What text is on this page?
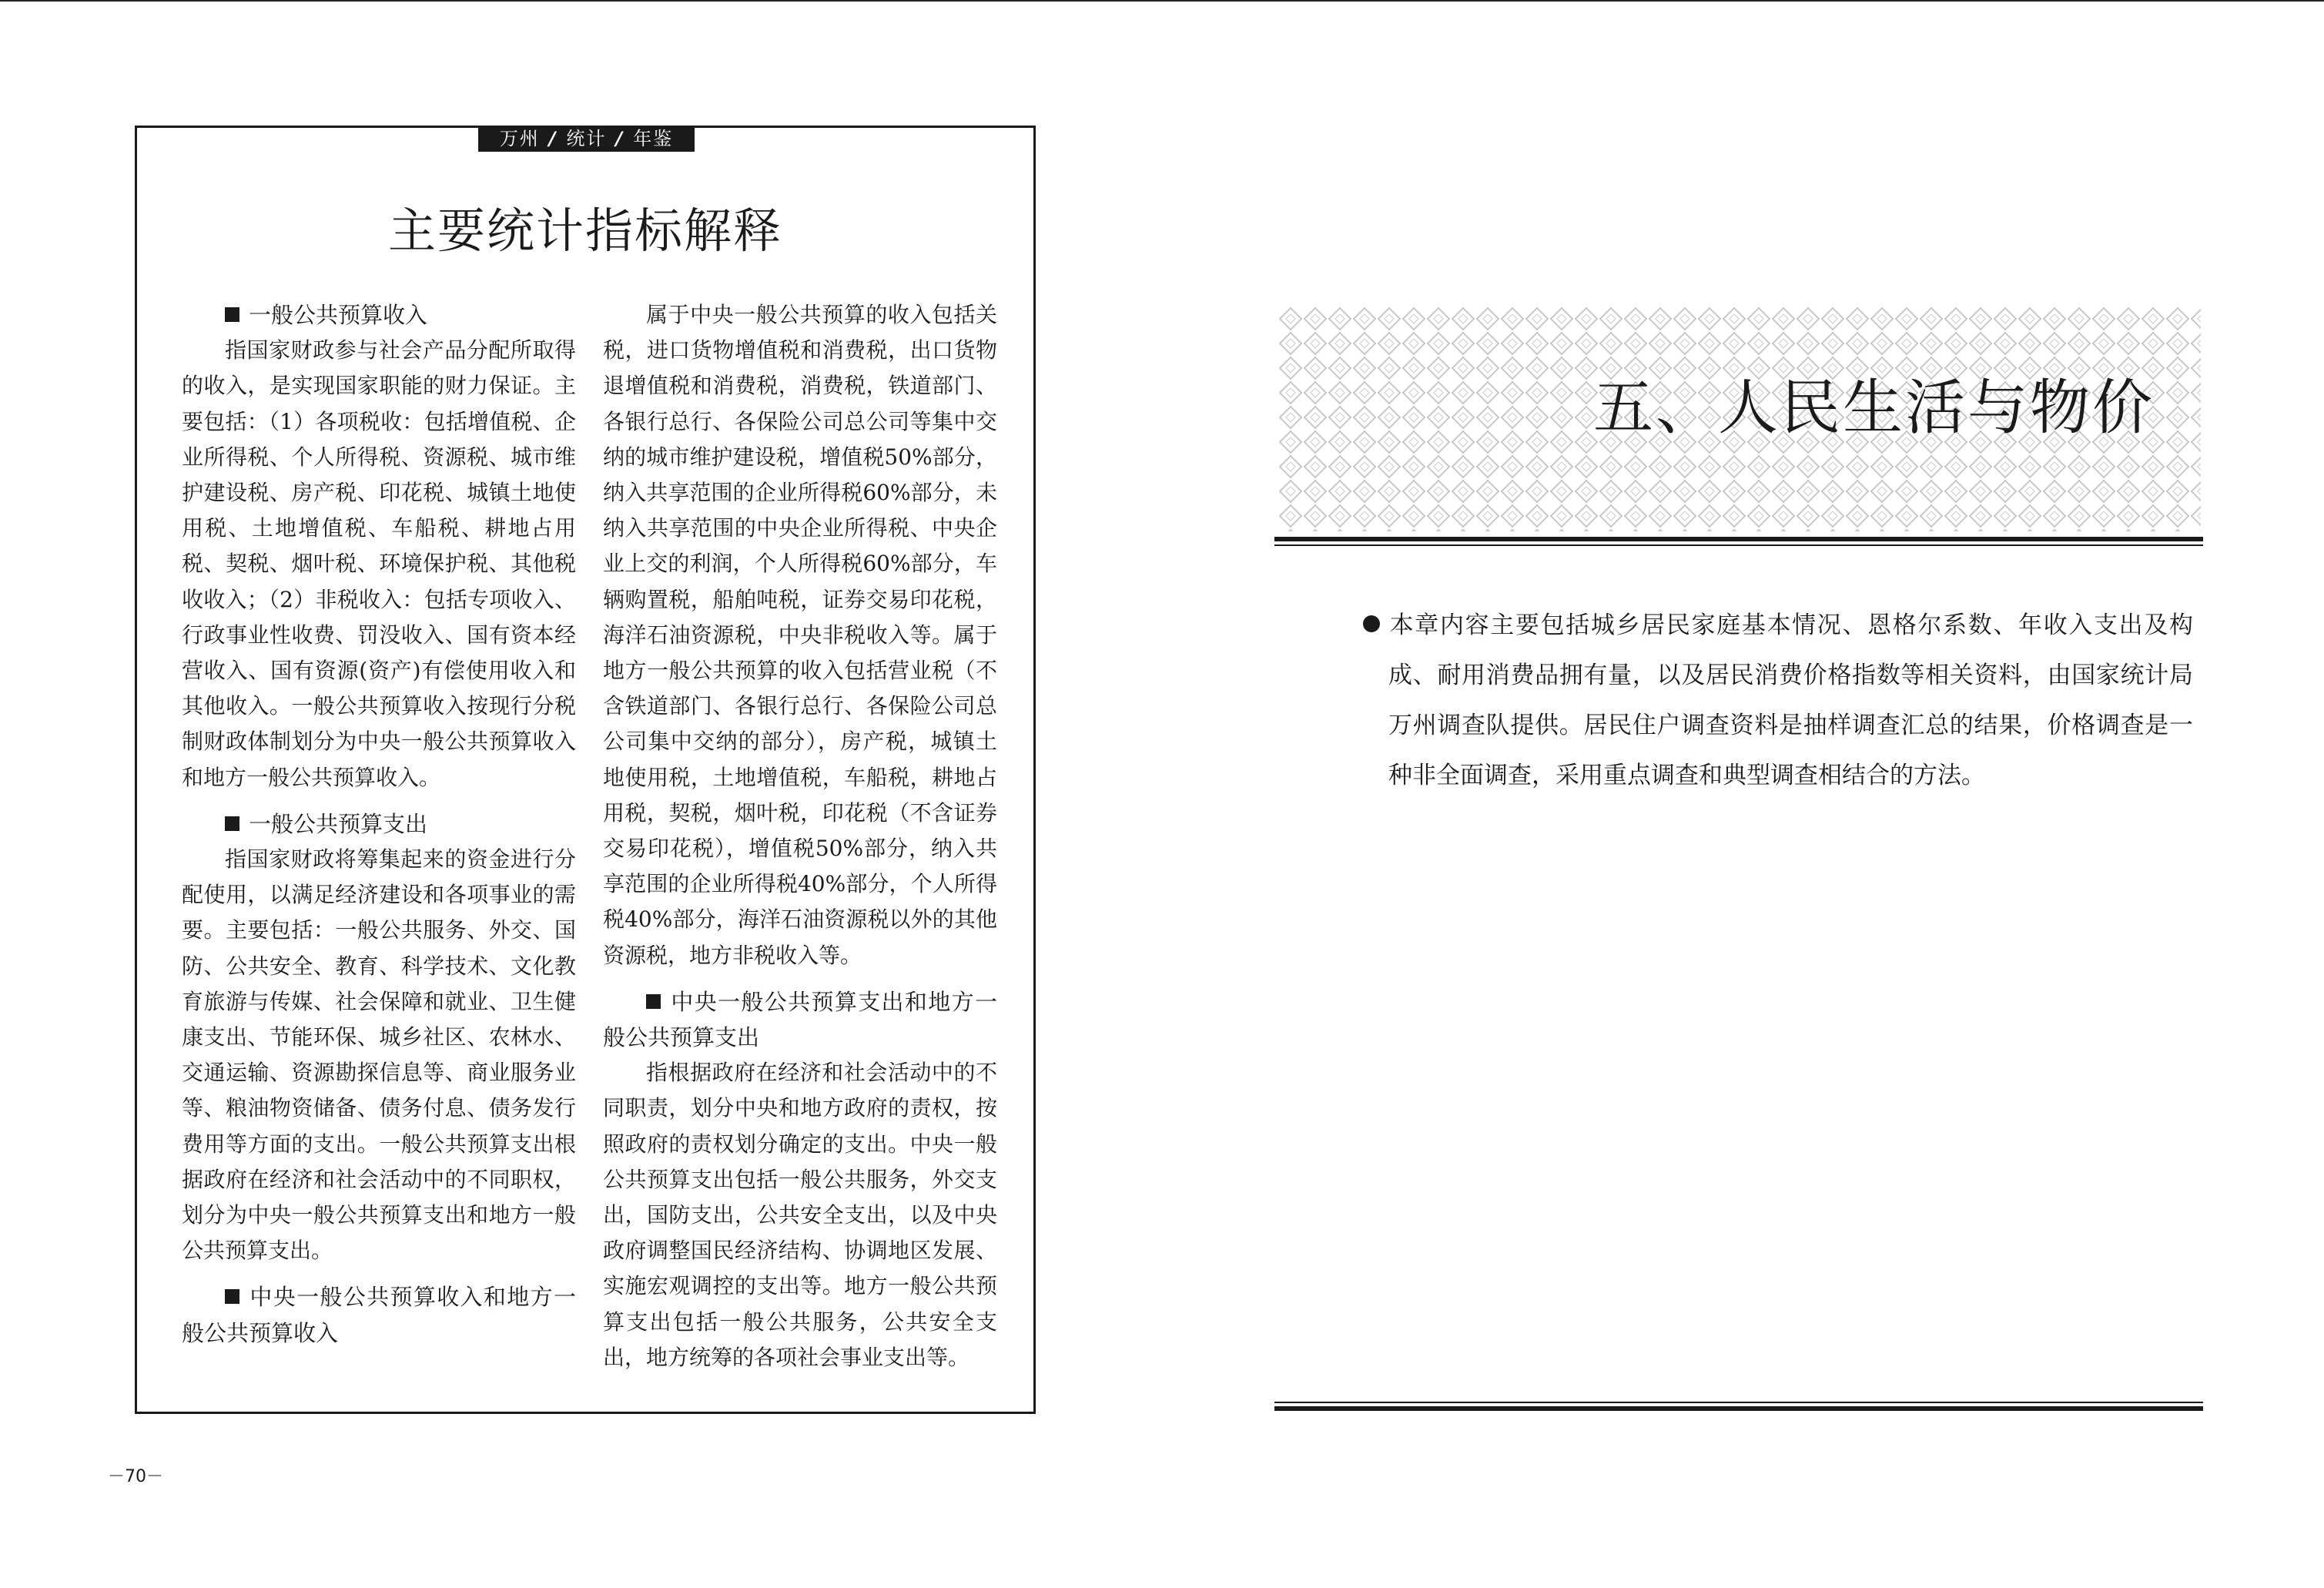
万州 / 统计 / 年鉴
主要统计指标解释
一般公共预算收入

指国家财政参与社会产品分配所取得的收入，是实现国家职能的财力保证。主要包括：（1）各项税收：包括增值税、企业所得税、个人所得税、资源税、城市维护建设税、房产税、印花税、城镇土地使用税、土地增值税、车船税、耕地占用税、契税、烟叶税、环境保护税、其他税收收入；（2）非税收入：包括专项收入、行政事业性收费、罚没收入、国有资本经营收入、国有资源(资产)有偿使用收入和其他收入。一般公共预算收入按现行分税制财政体制划分为中央一般公共预算收入和地方一般公共预算收入。

一般公共预算支出

指国家财政将筹集起来的资金进行分配使用，以满足经济建设和各项事业的需要。主要包括：一般公共服务、外交、国防、公共安全、教育、科学技术、文化教育旅游与传媒、社会保障和就业、卫生健康支出、节能环保、城乡社区、农林水、交通运输、资源勘探信息等、商业服务业等、粮油物资储备、债务付息、债务发行费用等方面的支出。一般公共预算支出根据政府在经济和社会活动中的不同职权，划分为中央一般公共预算支出和地方一般公共预算支出。

中央一般公共预算收入和地方一般公共预算收入

属于中央一般公共预算的收入包括关税，进口货物增值税和消费税，出口货物退增值税和消费税，消费税，铁道部门、各银行总行、各保险公司总公司等集中交纳的城市维护建设税，增值税50%部分，纳入共享范围的企业所得税60%部分，未纳入共享范围的中央企业所得税、中央企业上交的利润，个人所得税60%部分，车辆购置税，船舶吨税，证券交易印花税，海洋石油资源税，中央非税收入等。属于地方一般公共预算的收入包括营业税（不含铁道部门、各银行总行、各保险公司总公司集中交纳的部分），房产税，城镇土地使用税，土地增值税，车船税，耕地占用税，契税，烟叶税，印花税（不含证券交易印花税），增值税50%部分，纳入共享范围的企业所得税40%部分，个人所得税40%部分，海洋石油资源税以外的其他资源税，地方非税收入等。

中央一般公共预算支出和地方一般公共预算支出

指根据政府在经济和社会活动中的不同职责，划分中央和地方政府的责权，按照政府的责权划分确定的支出。中央一般公共预算支出包括一般公共服务，外交支出，国防支出，公共安全支出，以及中央政府调整国民经济结构、协调地区发展、实施宏观调控的支出等。地方一般公共预算支出包括一般公共服务，公共安全支出，地方统筹的各项社会事业支出等。

－70－
五、人民生活与物价

本章内容主要包括城乡居民家庭基本情况、恩格尔系数、年收入支出及构成、耐用消费品拥有量，以及居民消费价格指数等相关资料，由国家统计局万州调查队提供。居民住户调查资料是抽样调查汇总的结果，价格调查是一种非全面调查，采用重点调查和典型调查相结合的方法。
